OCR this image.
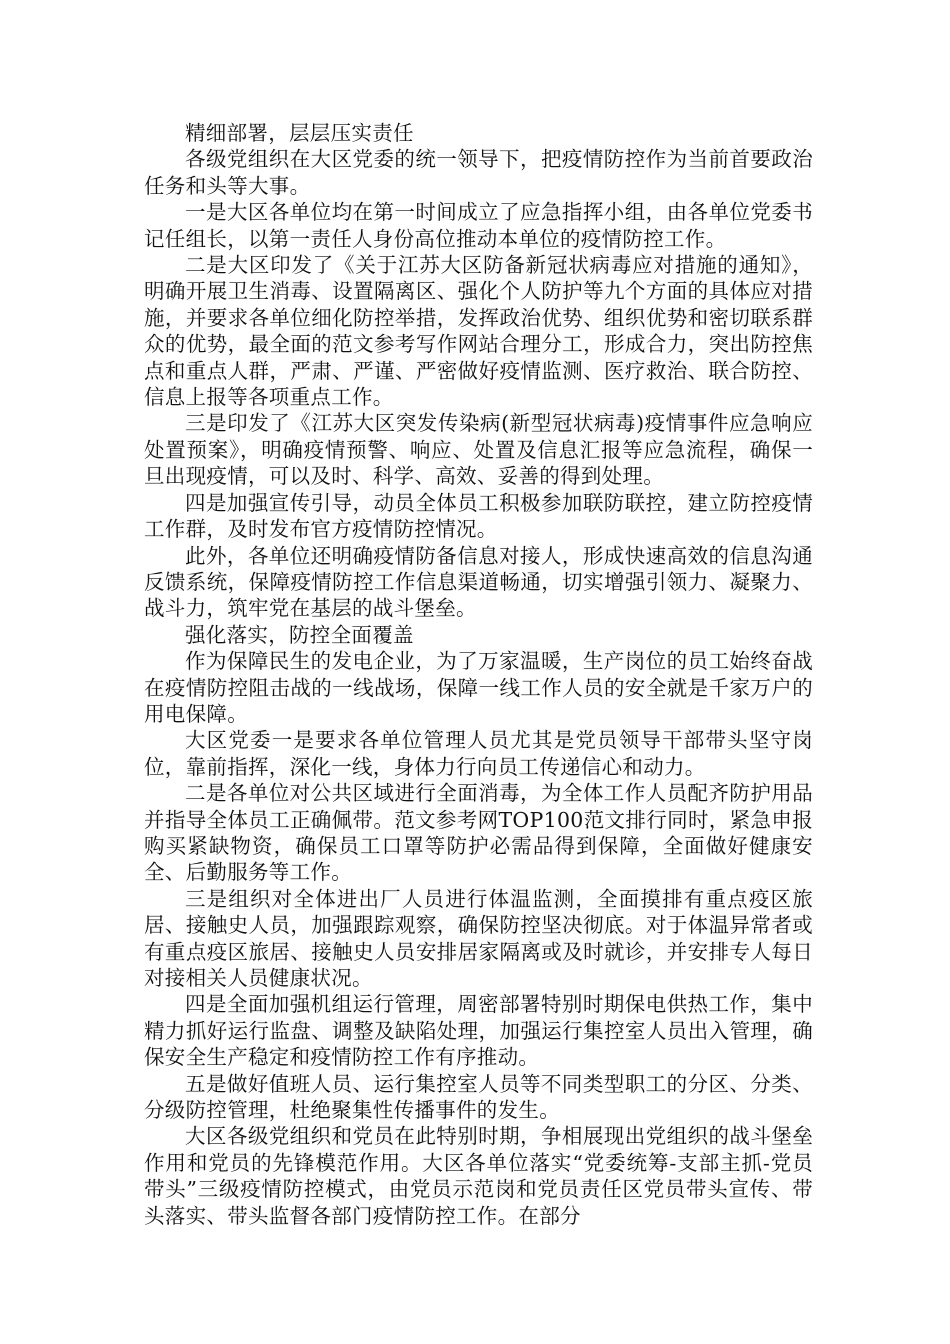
精细部署，层层压实责任

各级党组织在大区党委的统一领导下，把疫情防控作为当前首要政治任务和头等大事。

一是大区各单位均在第一时间成立了应急指挥小组，由各单位党委书记任组长，以第一责任人身份高位推动本单位的疫情防控工作。

二是大区印发了《关于江苏大区防备新冠状病毒应对措施的通知》，明确开展卫生消毒、设置隔离区、强化个人防护等九个方面的具体应对措施，并要求各单位细化防控举措，发挥政治优势、组织优势和密切联系群众的优势，最全面的范文参考写作网站合理分工，形成合力，突出防控焦点和重点人群，严肃、严谨、严密做好疫情监测、医疗救治、联合防控、信息上报等各项重点工作。

三是印发了《江苏大区突发传染病(新型冠状病毒)疫情事件应急响应处置预案》，明确疫情预警、响应、处置及信息汇报等应急流程，确保一旦出现疫情，可以及时、科学、高效、妥善的得到处理。

四是加强宣传引导，动员全体员工积极参加联防联控，建立防控疫情工作群，及时发布官方疫情防控情况。

此外，各单位还明确疫情防备信息对接人，形成快速高效的信息沟通反馈系统，保障疫情防控工作信息渠道畅通，切实增强引领力、凝聚力、战斗力，筑牢党在基层的战斗堡垒。

强化落实，防控全面覆盖

作为保障民生的发电企业，为了万家温暖，生产岗位的员工始终奋战在疫情防控阻击战的一线战场，保障一线工作人员的安全就是千家万户的用电保障。

大区党委一是要求各单位管理人员尤其是党员领导干部带头坚守岗位，靠前指挥，深化一线，身体力行向员工传递信心和动力。

二是各单位对公共区域进行全面消毒，为全体工作人员配齐防护用品并指导全体员工正确佩带。范文参考网TOP100范文排行同时，紧急申报购买紧缺物资，确保员工口罩等防护必需品得到保障，全面做好健康安全、后勤服务等工作。

三是组织对全体进出厂人员进行体温监测，全面摸排有重点疫区旅居、接触史人员，加强跟踪观察，确保防控坚决彻底。对于体温异常者或有重点疫区旅居、接触史人员安排居家隔离或及时就诊，并安排专人每日对接相关人员健康状况。

四是全面加强机组运行管理，周密部署特别时期保电供热工作，集中精力抓好运行监盘、调整及缺陷处理，加强运行集控室人员出入管理，确保安全生产稳定和疫情防控工作有序推动。

五是做好值班人员、运行集控室人员等不同类型职工的分区、分类、分级防控管理，杜绝聚集性传播事件的发生。

大区各级党组织和党员在此特别时期，争相展现出党组织的战斗堡垒作用和党员的先锋模范作用。大区各单位落实“党委统筹-支部主抓-党员带头”三级疫情防控模式，由党员示范岗和党员责任区党员带头宣传、带头落实、带头监督各部门疫情防控工作。在部分
